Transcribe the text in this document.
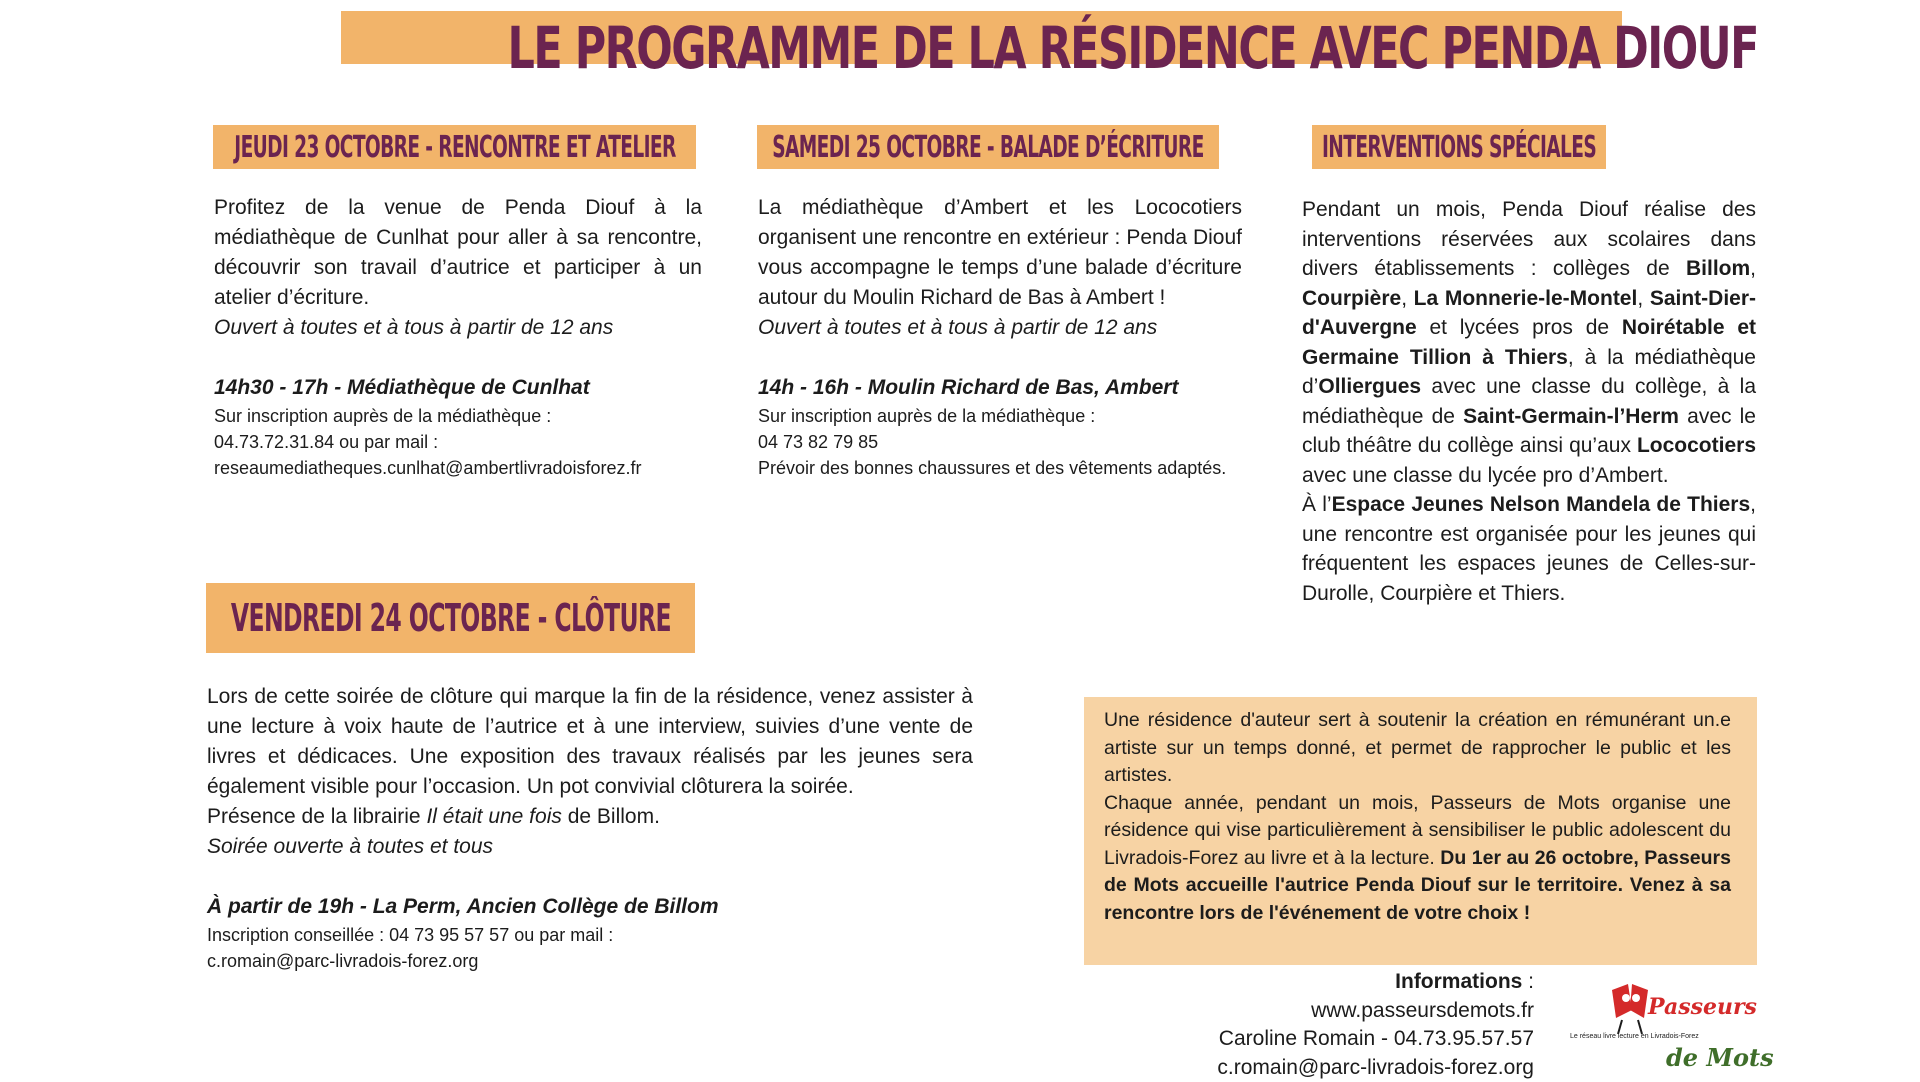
LE PROGRAMME DE LA RÉSIDENCE AVEC PENDA DIOUF
JEUDI 23 OCTOBRE - RENCONTRE ET ATELIER

Profitez de la venue de Penda Diouf à la médiathèque de Cunlhat pour aller à sa rencontre, découvrir son travail d’autrice et participer à un atelier d’écriture.

Ouvert à toutes et à tous à partir de 12 ans

14h30 - 17h - Médiathèque de Cunlhat

Sur inscription auprès de la médiathèque :

04.73.72.31.84 ou par mail :

reseaumediatheques.cunlhat@ambertlivradoisforez.fr

SAMEDI 25 OCTOBRE - BALADE D’ÉCRITURE

La médiathèque d’Ambert et les Lococotiers organisent une rencontre en extérieur : Penda Diouf vous accompagne le temps d’une balade d’écriture autour du Moulin Richard de Bas à Ambert !

Ouvert à toutes et à tous à partir de 12 ans

14h - 16h - Moulin Richard de Bas, Ambert

Sur inscription auprès de la médiathèque :

04 73 82 79 85

Prévoir des bonnes chaussures et des vêtements adaptés.

INTERVENTIONS SPÉCIALES

Pendant un mois, Penda Diouf réalise des interventions réservées aux scolaires dans divers établissements : collèges de Billom, Courpière, La Monnerie-le-Montel, Saint-Dier-d'Auvergne et lycées pros de Noirétable et Germaine Tillion à Thiers, à la médiathèque d’Olliergues avec une classe du collège, à la médiathèque de Saint-Germain-l’Herm avec le club théâtre du collège ainsi qu’aux Lococotiers avec une classe du lycée pro d’Ambert.

À l’Espace Jeunes Nelson Mandela de Thiers, une rencontre est organisée pour les jeunes qui fréquentent les espaces jeunes de Celles-sur-Durolle, Courpière et Thiers.

VENDREDI 24 OCTOBRE - CLÔTURE

Lors de cette soirée de clôture qui marque la fin de la résidence, venez assister à une lecture à voix haute de l’autrice et à une interview, suivies d’une vente de livres et dédicaces. Une exposition des travaux réalisés par les jeunes sera également visible pour l’occasion. Un pot convivial clôturera la soirée.

Présence de la librairie Il était une fois de Billom.

Soirée ouverte à toutes et tous

À partir de 19h - La Perm, Ancien Collège de Billom

Inscription conseillée : 04 73 95 57 57 ou par mail :

c.romain@parc-livradois-forez.org

Une résidence d'auteur sert à soutenir la création en rémunérant un.e artiste sur un temps donné, et permet de rapprocher le public et les artistes.

Chaque année, pendant un mois, Passeurs de Mots organise une résidence qui vise particulièrement à sensibiliser le public adolescent du Livradois-Forez au livre et à la lecture. Du 1er au 26 octobre, Passeurs de Mots accueille l'autrice Penda Diouf sur le territoire. Venez à sa rencontre lors de l'événement de votre choix !

Informations :

www.passeursdemots.fr

Caroline Romain - 04.73.95.57.57

c.romain@parc-livradois-forez.org

Passeurs
de Mots
Le réseau livre lecture en Livradois-Forez
